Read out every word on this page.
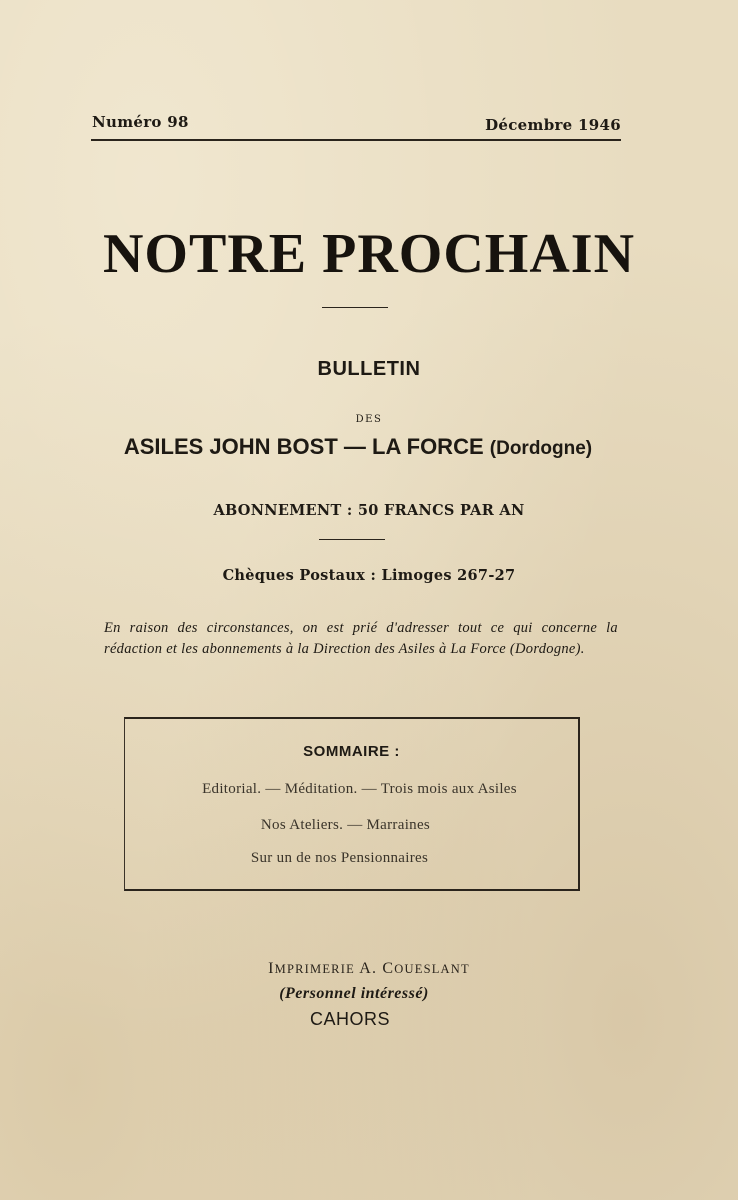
Numéro 98	Décembre 1946
NOTRE PROCHAIN
BULLETIN
DES
ASILES JOHN BOST — LA FORCE (Dordogne)
ABONNEMENT : 50 FRANCS PAR AN
Chèques Postaux : Limoges 267-27
En raison des circonstances, on est prié d'adresser tout ce qui concerne la rédaction et les abonnements à la Direction des Asiles à La Force (Dordogne).
SOMMAIRE :
Editorial. — Méditation. — Trois mois aux Asiles
Nos Ateliers. — Marraines
Sur un de nos Pensionnaires
IMPRIMERIE A. COUESLANT
(Personnel intéressé)
CAHORS
